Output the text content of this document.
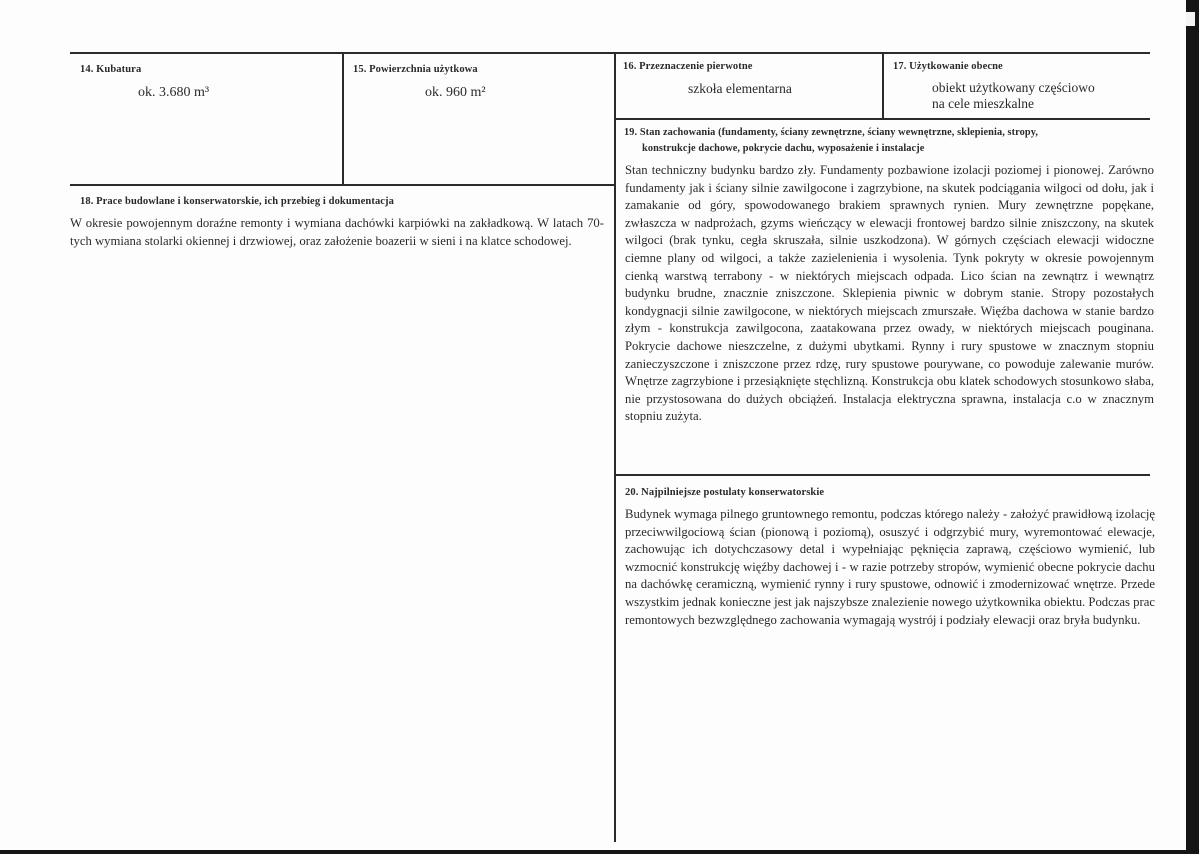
14. Kubatura
ok. 3.680 m³
15. Powierzchnia użytkowa
ok. 960 m²
16. Przeznaczenie pierwotne
szkoła elementarna
17. Użytkowanie obecne
obiekt użytkowany częściowo
na cele mieszkalne
19. Stan zachowania (fundamenty, ściany zewnętrzne, ściany wewnętrzne, sklepienia, stropy,
konstrukcje dachowe, pokrycie dachu, wyposażenie i instalacje
Stan techniczny budynku bardzo zły. Fundamenty pozbawione izolacji poziomej i pionowej. Zarówno fundamenty jak i ściany silnie zawilgocone i zagrzybione, na skutek podciągania wilgoci od dołu, jak i zamakanie od góry, spowodowanego brakiem sprawnych rynien. Mury zewnętrzne popękane, zwłaszcza w nadprożach, gzyms wieńczący w elewacji frontowej bardzo silnie zniszczony, na skutek wilgoci (brak tynku, cegła skruszała, silnie uszkodzona). W górnych częściach elewacji widoczne ciemne plany od wilgoci, a także zazielenienia i wysolenia. Tynk pokryty w okresie powojennym cienką warstwą terrabony - w niektórych miejscach odpada. Lico ścian na zewnątrz i wewnątrz budynku brudne, znacznie zniszczone. Sklepienia piwnic w dobrym stanie. Stropy pozostałych kondygnacji silnie zawilgocone, w niektórych miejscach zmurszałe. Więźba dachowa w stanie bardzo złym - konstrukcja zawilgocona, zaatakowana przez owady, w niektórych miejscach pouginana. Pokrycie dachowe nieszczelne, z dużymi ubytkami. Rynny i rury spustowe w znacznym stopniu zanieczyszczone i zniszczone przez rdzę, rury spustowe pourywane, co powoduje zalewanie murów. Wnętrze zagrzybione i przesiąknięte stęchlizną. Konstrukcja obu klatek schodowych stosunkowo słaba, nie przystosowana do dużych obciążeń. Instalacja elektryczna sprawna, instalacja c.o w znacznym stopniu zużyta.
18. Prace budowlane i konserwatorskie, ich przebieg i dokumentacja
W okresie powojennym doraźne remonty i wymiana dachówki karpiówki na zakładkową. W latach 70-tych wymiana stolarki okiennej i drzwiowej, oraz założenie boazerii w sieni i na klatce schodowej.
20. Najpilniejsze postulaty konserwatorskie
Budynek wymaga pilnego gruntownego remontu, podczas którego należy - założyć prawidłową izolację przeciwwilgociową ścian (pionową i poziomą), osuszyć i odgrzybić mury, wyremontować elewacje, zachowując ich dotychczasowy detal i wypełniając pęknięcia zaprawą, częściowo wymienić, lub wzmocnić konstrukcję więźby dachowej i - w razie potrzeby stropów, wymienić obecne pokrycie dachu na dachówkę ceramiczną, wymienić rynny i rury spustowe, odnowić i zmodernizować wnętrze. Przede wszystkim jednak konieczne jest jak najszybsze znalezienie nowego użytkownika obiektu. Podczas prac remontowych bezwzględnego zachowania wymagają wystrój i podziały elewacji oraz bryła budynku.
